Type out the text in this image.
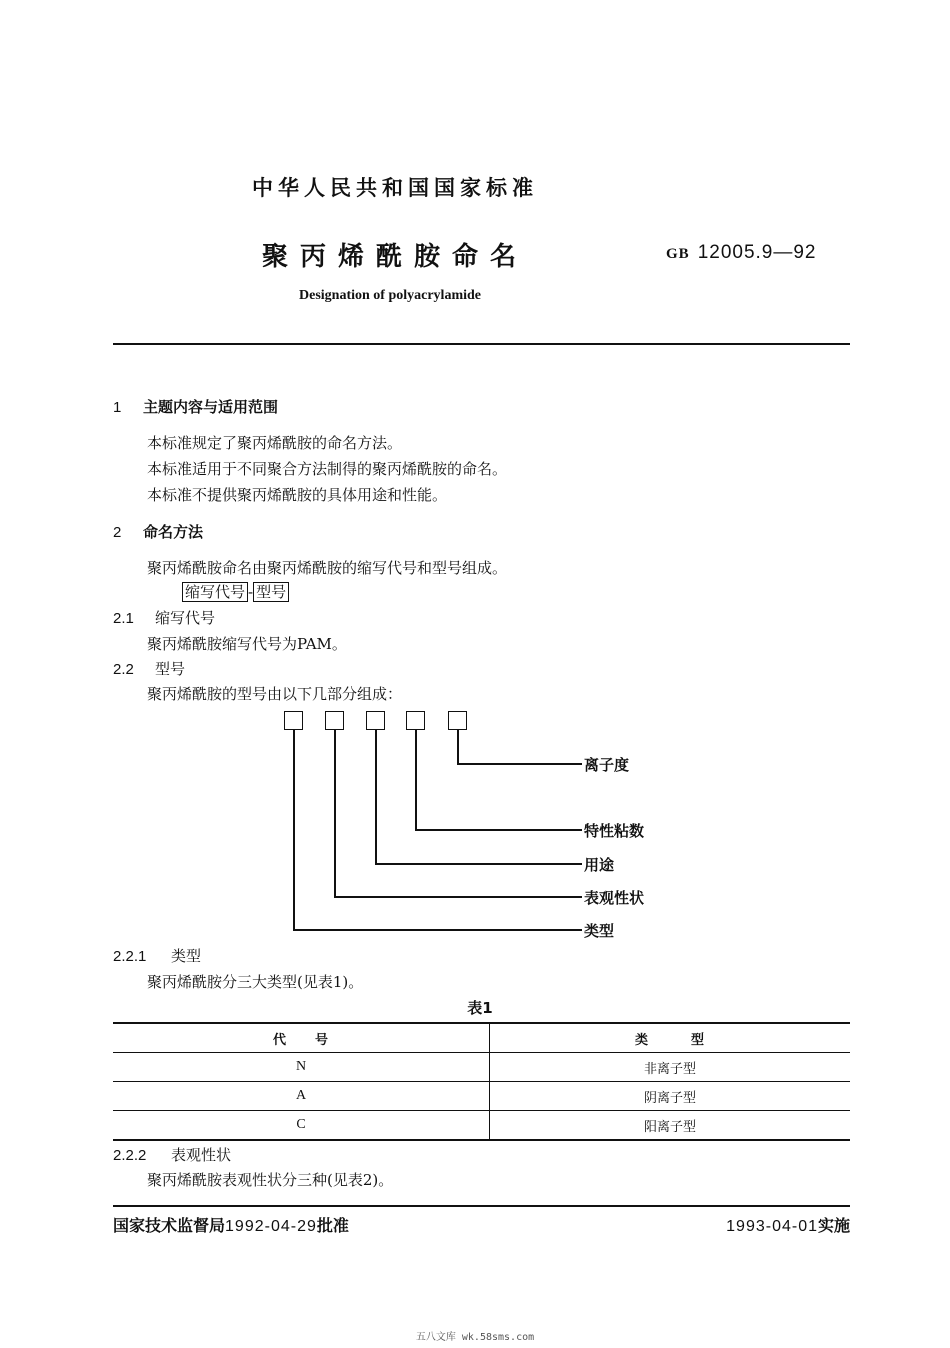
中华人民共和国国家标准
聚丙烯酰胺命名	GB 12005.9—92
Designation of polyacrylamide
1 主题内容与适用范围
本标准规定了聚丙烯酰胺的命名方法。
本标准适用于不同聚合方法制得的聚丙烯酰胺的命名。
本标准不提供聚丙烯酰胺的具体用途和性能。
2 命名方法
聚丙烯酰胺命名由聚丙烯酰胺的缩写代号和型号组成。
缩写代号 - 型号
2.1 缩写代号
聚丙烯酰胺缩写代号为PAM。
2.2 型号
聚丙烯酰胺的型号由以下几部分组成：
离子度
特性粘数
用途
表观性状
类型
2.2.1 类型
聚丙烯酰胺分三大类型(见表1)。
表1
代　　号	类　　　型
N	非离子型
A	阴离子型
C	阳离子型
2.2.2 表观性状
聚丙烯酰胺表观性状分三种(见表2)。
国家技术监督局1992-04-29批准	1993-04-01实施
五八文库 wk.58sms.com
